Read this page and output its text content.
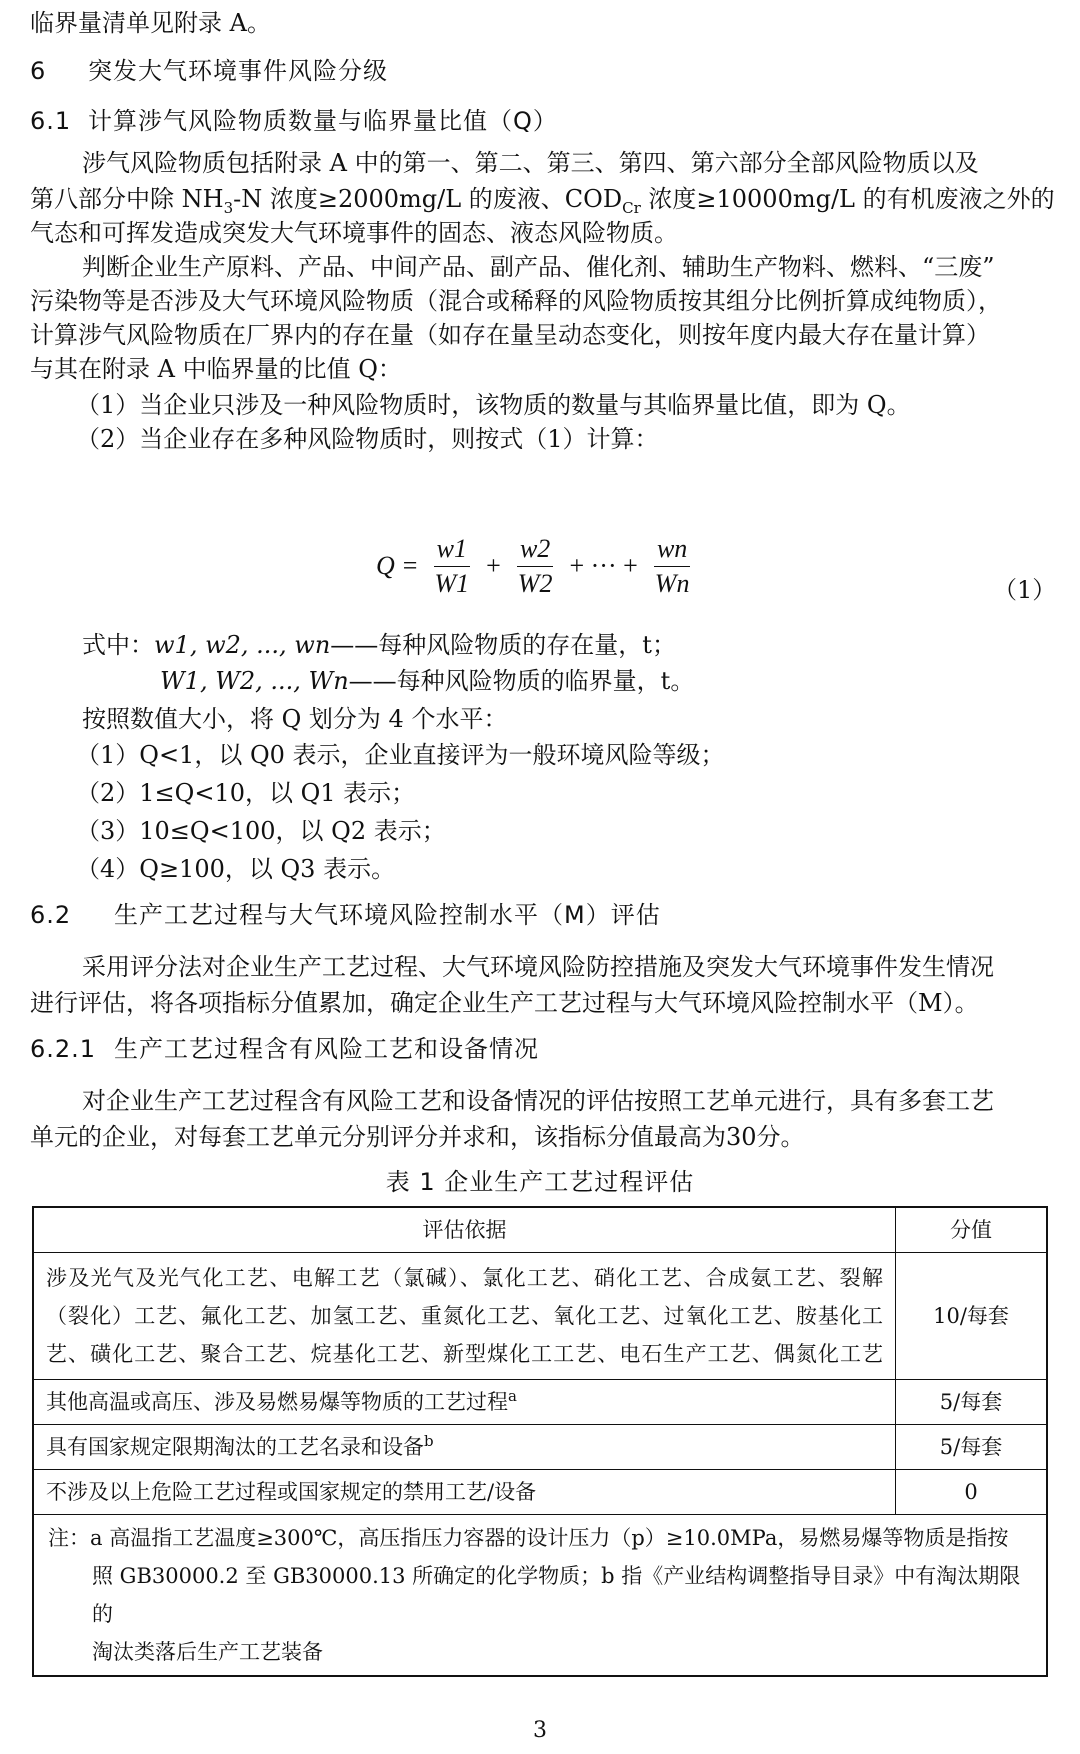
临界量清单见附录 A。
6 突发大气环境事件风险分级
6.1 计算涉气风险物质数量与临界量比值（Q）
涉气风险物质包括附录 A 中的第一、第二、第三、第四、第六部分全部风险物质以及
第八部分中除 $NH_3-N$ 浓度≥2000mg/L 的废液、$COD_{Cr}$ 浓度≥10000mg/L 的有机废液之外的
气态和可挥发造成突发大气环境事件的固态、液态风险物质。
判断企业生产原料、产品、中间产品、副产品、催化剂、辅助生产物料、燃料、“三废”
污染物等是否涉及大气环境风险物质（混合或稀释的风险物质按其组分比例折算成纯物质），
计算涉气风险物质在厂界内的存在量（如存在量呈动态变化，则按年度内最大存在量计算）
与其在附录 A 中临界量的比值 Q：
（1）当企业只涉及一种风险物质时，该物质的数量与其临界量比值，即为 Q。
（2）当企业存在多种风险物质时，则按式（1）计算：
$Q = \frac{w1}{W1} + \frac{w2}{W2}$ + ··· + $\frac{wn}{Wn}$	（1）
式中：w1, w2, ..., wn——每种风险物质的存在量，t；
W1, W2, ..., Wn——每种风险物质的临界量，t。
按照数值大小，将 Q 划分为 4 个水平：
（1）Q<1，以 Q0 表示，企业直接评为一般环境风险等级；
（2）1≤Q<10，以 Q1 表示；
（3）10≤Q<100，以 Q2 表示；
（4）Q≥100，以 Q3 表示。
6.2 生产工艺过程与大气环境风险控制水平（M）评估
采用评分法对企业生产工艺过程、大气环境风险防控措施及突发大气环境事件发生情况
进行评估，将各项指标分值累加，确定企业生产工艺过程与大气环境风险控制水平（M）。
6.2.1 生产工艺过程含有风险工艺和设备情况
对企业生产工艺过程含有风险工艺和设备情况的评估按照工艺单元进行，具有多套工艺
单元的企业，对每套工艺单元分别评分并求和，该指标分值最高为30分。
表 1 企业生产工艺过程评估
评估依据	分值

涉及光气及光气化工艺、电解工艺（氯碱）、氯化工艺、硝化工艺、合成氨工艺、裂解
（裂化）工艺、氟化工艺、加氢工艺、重氮化工艺、氧化工艺、过氧化工艺、胺基化工
艺、磺化工艺、聚合工艺、烷基化工艺、新型煤化工工艺、电石生产工艺、偶氮化工艺	10/每套
其他高温或高压、涉及易燃易爆等物质的工艺过程$^a$	5/每套
具有国家规定限期淘汰的工艺名录和设备$^b$	5/每套
不涉及以上危险工艺过程或国家规定的禁用工艺/设备	0

注：a 高温指工艺温度≥300℃，高压指压力容器的设计压力（p）≥10.0MPa，易燃易爆等物质是指按
照 GB30000.2 至 GB30000.13 所确定的化学物质；b 指《产业结构调整指导目录》中有淘汰期限的
淘汰类落后生产工艺装备	
3
